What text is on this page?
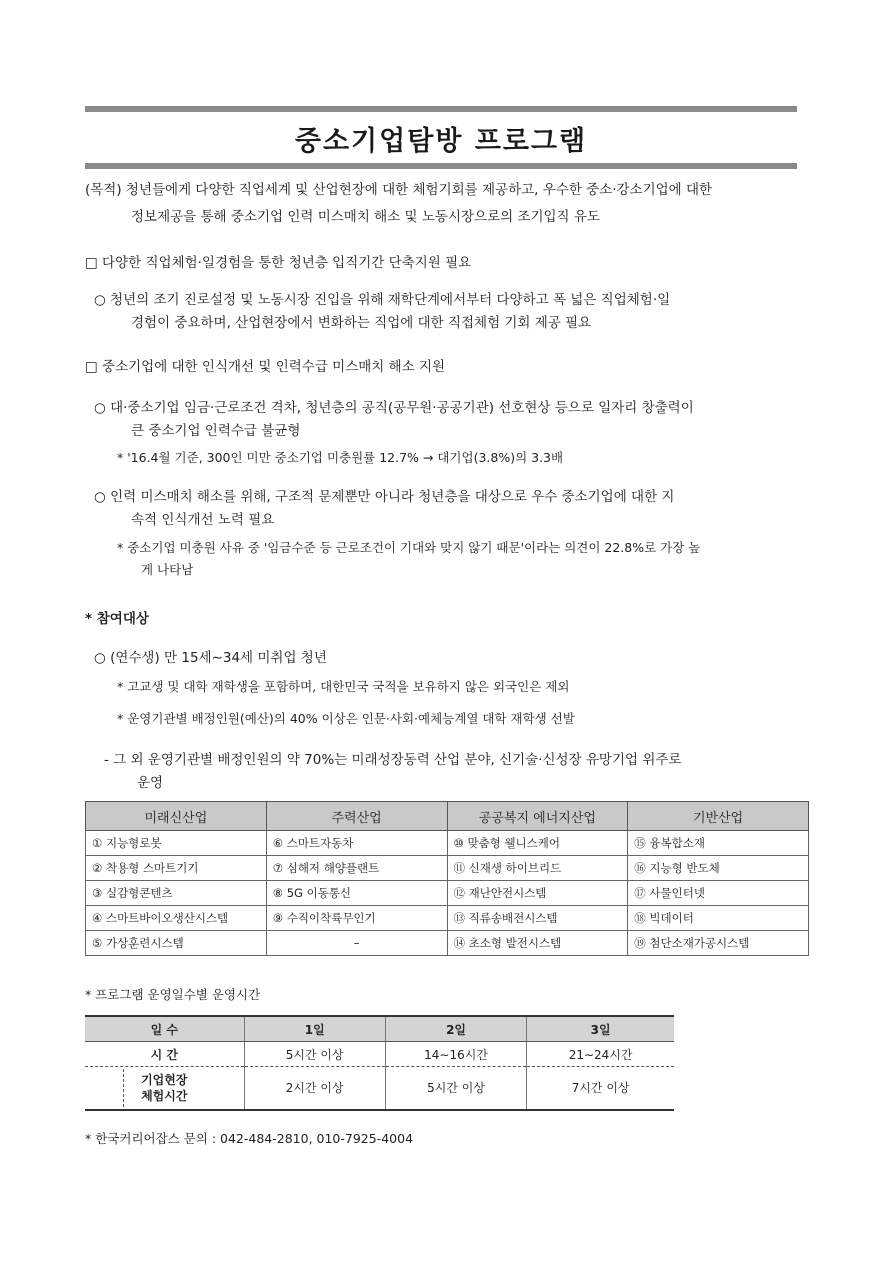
중소기업탐방 프로그램
(목적) 청년들에게 다양한 직업세계 및 산업현장에 대한 체험기회를 제공하고, 우수한 중소·강소기업에 대한
정보제공을 통해 중소기업 인력 미스매치 해소 및 노동시장으로의 조기입직 유도
□ 다양한 직업체험·일경험을 통한 청년층 입직기간 단축지원 필요
○ 청년의 조기 진로설정 및 노동시장 진입을 위해 재학단계에서부터 다양하고 폭 넓은 직업체험·일
경험이 중요하며, 산업현장에서 변화하는 직업에 대한 직접체험 기회 제공 필요
□ 중소기업에 대한 인식개선 및 인력수급 미스매치 해소 지원
○ 대·중소기업 임금·근로조건 격차, 청년층의 공직(공무원·공공기관) 선호현상 등으로 일자리 창출력이
큰 중소기업 인력수급 불균형
* '16.4월 기준, 300인 미만 중소기업 미충원률 12.7% → 대기업(3.8%)의 3.3배
○ 인력 미스매치 해소를 위해, 구조적 문제뿐만 아니라 청년층을 대상으로 우수 중소기업에 대한 지
속적 인식개선 노력 필요
* 중소기업 미충원 사유 중 '임금수준 등 근로조건이 기대와 맞지 않기 때문'이라는 의견이 22.8%로 가장 높
게 나타남
* 참여대상
○ (연수생) 만 15세∼34세 미취업 청년
* 고교생 및 대학 재학생을 포함하며, 대한민국 국적을 보유하지 않은 외국인은 제외
* 운영기관별 배정인원(예산)의 40% 이상은 인문·사회·예체능계열 대학 재학생 선발
- 그 외 운영기관별 배정인원의 약 70%는 미래성장동력 산업 분야, 신기술·신성장 유망기업 위주로
운영
미래신산업	주력산업	공공복지 에너지산업	기반산업
① 지능형로봇	⑥ 스마트자동차	⑩ 맞춤형 웰니스케어	⑮ 융복합소재
② 착용형 스마트기기	⑦ 심해저 해양플랜트	⑪ 신재생 하이브리드	⑯ 지능형 반도체
③ 실감형콘텐츠	⑧ 5G 이동통신	⑫ 재난안전시스템	⑰ 사물인터넷
④ 스마트바이오생산시스템	⑨ 수직이착륙무인기	⑬ 직류송배전시스템	⑱ 빅데이터
⑤ 가상훈련시스템	–	⑭ 초소형 발전시스템	⑲ 첨단소재가공시스템
* 프로그램 운영일수별 운영시간
일 수	1일	2일	3일
시 간	5시간 이상	14∼16시간	21∼24시간

기업현장
체험시간	2시간 이상	5시간 이상	7시간 이상
* 한국커리어잡스 문의 : 042-484-2810, 010-7925-4004
